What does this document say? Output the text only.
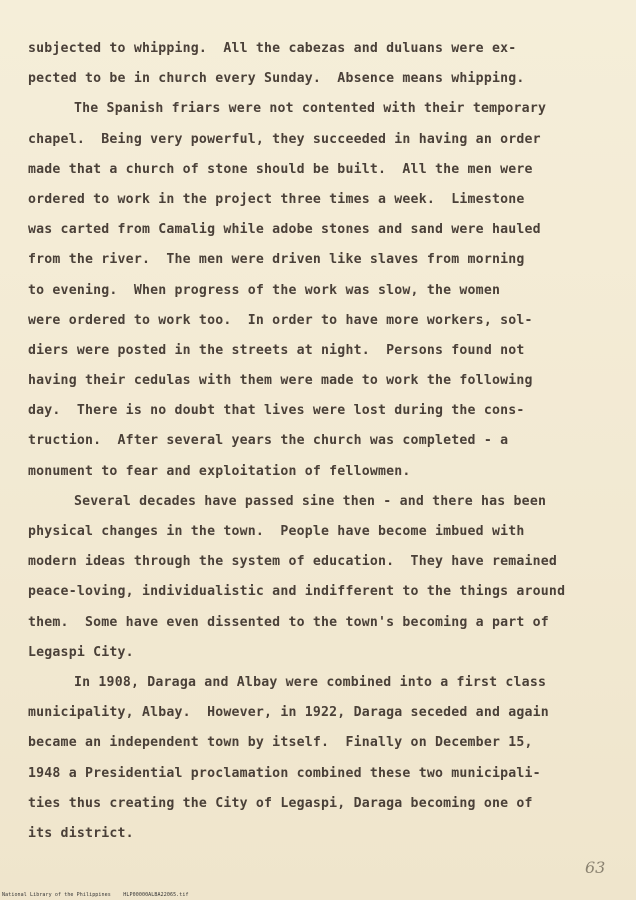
subjected to whipping.  All the cabezas and duluans were ex-
pected to be in church every Sunday.  Absence means whipping.
The Spanish friars were not contented with their temporary
chapel.  Being very powerful, they succeeded in having an order
made that a church of stone should be built.  All the men were
ordered to work in the project three times a week.  Limestone
was carted from Camalig while adobe stones and sand were hauled
from the river.  The men were driven like slaves from morning
to evening.  When progress of the work was slow, the women
were ordered to work too.  In order to have more workers, sol-
diers were posted in the streets at night.  Persons found not
having their cedulas with them were made to work the following
day.  There is no doubt that lives were lost during the cons-
truction.  After several years the church was completed - a
monument to fear and exploitation of fellowmen.
Several decades have passed sine then - and there has been
physical changes in the town.  People have become imbued with
modern ideas through the system of education.  They have remained
peace-loving, individualistic and indifferent to the things around
them.  Some have even dissented to the town's becoming a part of
Legaspi City.
In 1908, Daraga and Albay were combined into a first class
municipality, Albay.  However, in 1922, Daraga seceded and again
became an independent town by itself.  Finally on December 15,
1948 a Presidential proclamation combined these two municipali-
ties thus creating the City of Legaspi, Daraga becoming one of
its district.
63
National Library of the Philippines    HLP00000ALBA22065.tif
